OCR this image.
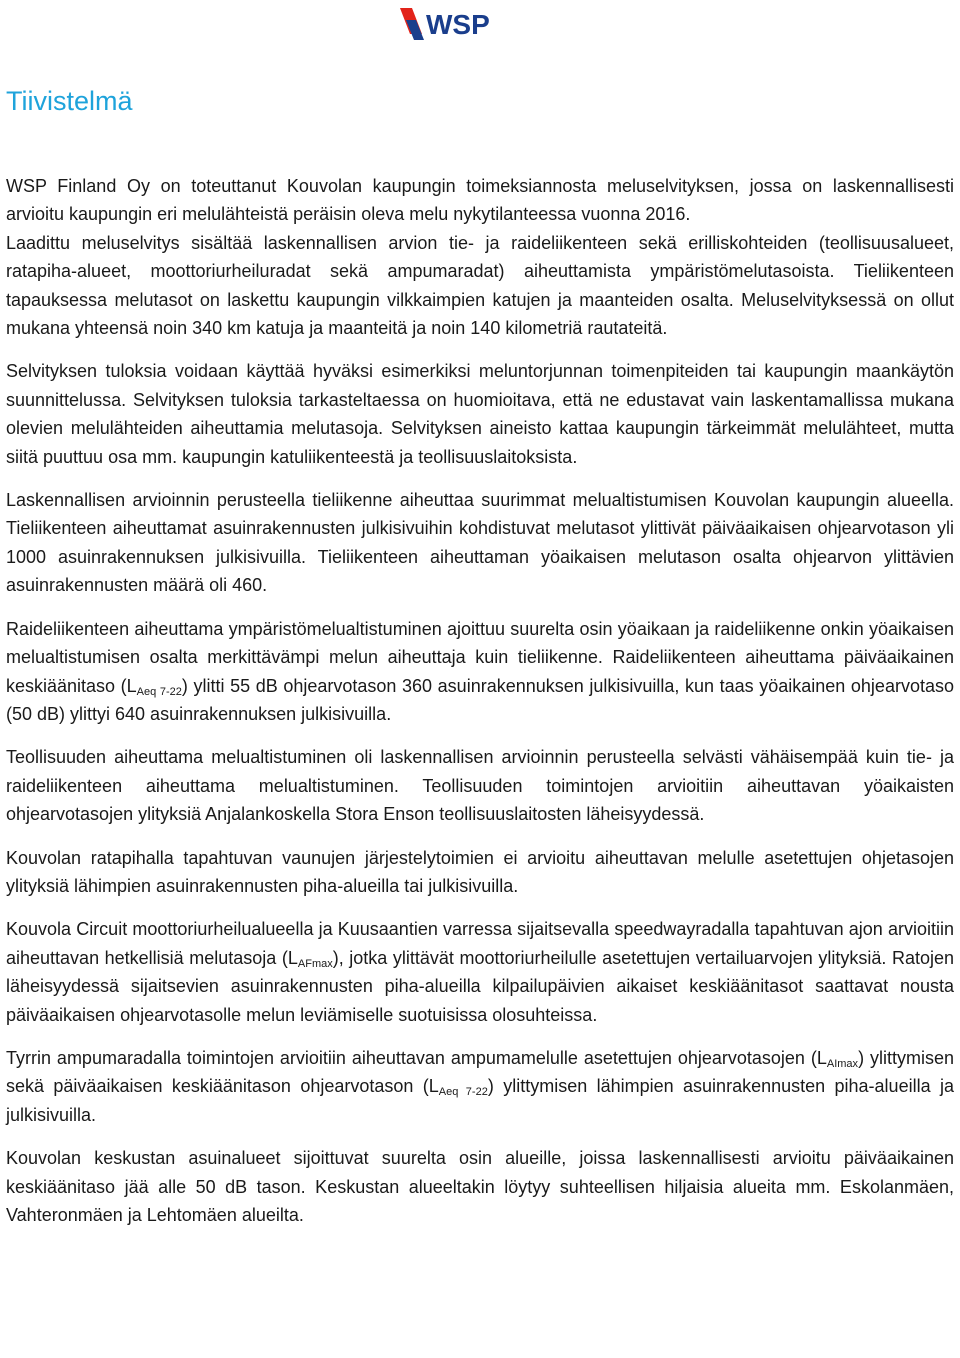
WSP
Tiivistelmä

WSP Finland Oy on toteuttanut Kouvolan kaupungin toimeksiannosta meluselvityksen, jossa on laskennallisesti arvioitu kaupungin eri melulähteistä peräisin oleva melu nykytilanteessa vuonna 2016.

Laadittu meluselvitys sisältää laskennallisen arvion tie- ja raideliikenteen sekä erilliskohteiden (teollisuusalueet, ratapiha-alueet, moottoriurheiluradat sekä ampumaradat) aiheuttamista ympäristömelutasoista. Tieliikenteen tapauksessa melutasot on laskettu kaupungin vilkkaimpien katujen ja maanteiden osalta. Meluselvityksessä on ollut mukana yhteensä noin 340 km katuja ja maanteitä ja noin 140 kilometriä rautateitä.

Selvityksen tuloksia voidaan käyttää hyväksi esimerkiksi meluntorjunnan toimenpiteiden tai kaupungin maankäytön suunnittelussa. Selvityksen tuloksia tarkasteltaessa on huomioitava, että ne edustavat vain laskentamallissa mukana olevien melulähteiden aiheuttamia melutasoja. Selvityksen aineisto kattaa kaupungin tärkeimmät melulähteet, mutta siitä puuttuu osa mm. kaupungin katuliikenteestä ja teollisuuslaitoksista.

Laskennallisen arvioinnin perusteella tieliikenne aiheuttaa suurimmat melualtistumisen Kouvolan kaupungin alueella. Tieliikenteen aiheuttamat asuinrakennusten julkisivuihin kohdistuvat melutasot ylittivät päiväaikaisen ohjearvotason yli 1000 asuinrakennuksen julkisivuilla. Tieliikenteen aiheuttaman yöaikaisen melutason osalta ohjearvon ylittävien asuinrakennusten määrä oli 460.

Raideliikenteen aiheuttama ympäristömelualtistuminen ajoittuu suurelta osin yöaikaan ja raideliikenne onkin yöaikaisen melualtistumisen osalta merkittävämpi melun aiheuttaja kuin tieliikenne. Raideliikenteen aiheuttama päiväaikainen keskiäänitaso $(L_{Aeq 7-22})$ ylitti 55 dB ohjearvotason 360 asuinrakennuksen julkisivuilla, kun taas yöaikainen ohjearvotaso (50 dB) ylittyi 640 asuinrakennuksen julkisivuilla.

Teollisuuden aiheuttama melualtistuminen oli laskennallisen arvioinnin perusteella selvästi vähäisempää kuin tie- ja raideliikenteen aiheuttama melualtistuminen. Teollisuuden toimintojen arvioitiin aiheuttavan yöaikaisten ohjearvotasojen ylityksiä Anjalankoskella Stora Enson teollisuuslaitosten läheisyydessä.

Kouvolan ratapihalla tapahtuvan vaunujen järjestelytoimien ei arvioitu aiheuttavan melulle asetettujen ohjetasojen ylityksiä lähimpien asuinrakennusten piha-alueilla tai julkisivuilla.

Kouvola Circuit moottoriurheilualueella ja Kuusaantien varressa sijaitsevalla speedwayradalla tapahtuvan ajon arvioitiin aiheuttavan hetkellisiä melutasoja $(L_{AFmax})$, jotka ylittävät moottoriurheilulle asetettujen vertailuarvojen ylityksiä. Ratojen läheisyydessä sijaitsevien asuinrakennusten piha-alueilla kilpailupäivien aikaiset keskiäänitasot saattavat nousta päiväaikaisen ohjearvotasolle melun leviämiselle suotuisissa olosuhteissa.

Tyrrin ampumaradalla toimintojen arvioitiin aiheuttavan ampumamelulle asetettujen ohjearvotasojen $(L_{AImax})$ ylittymisen sekä päiväaikaisen keskiäänitason ohjearvotason $(L_{Aeq 7-22})$ ylittymisen lähimpien asuinrakennusten piha-alueilla ja julkisivuilla.

Kouvolan keskustan asuinalueet sijoittuvat suurelta osin alueille, joissa laskennallisesti arvioitu päiväaikainen keskiäänitaso jää alle 50 dB tason. Keskustan alueeltakin löytyy suhteellisen hiljaisia alueita mm. Eskolanmäen, Vahteronmäen ja Lehtomäen alueilta.
